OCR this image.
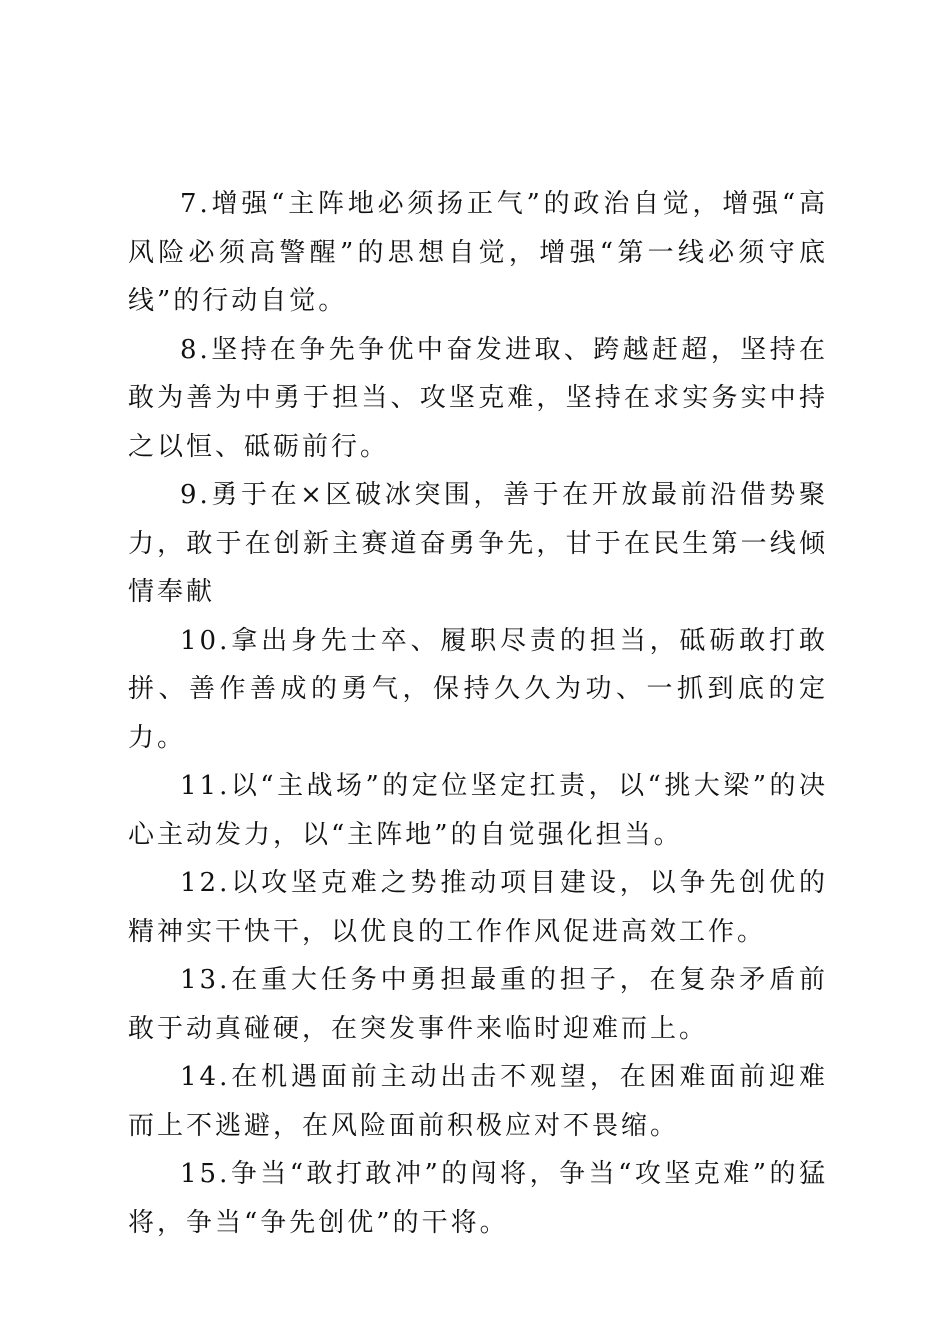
7.增强“主阵地必须扬正气”的政治自觉，增强“高风险必须高警醒”的思想自觉，增强“第一线必须守底线”的行动自觉。

8.坚持在争先争优中奋发进取、跨越赶超，坚持在敢为善为中勇于担当、攻坚克难，坚持在求实务实中持之以恒、砥砺前行。

9.勇于在×区破冰突围，善于在开放最前沿借势聚力，敢于在创新主赛道奋勇争先，甘于在民生第一线倾情奉献

10.拿出身先士卒、履职尽责的担当，砥砺敢打敢拼、善作善成的勇气，保持久久为功、一抓到底的定力。

11.以“主战场”的定位坚定扛责，以“挑大梁”的决心主动发力，以“主阵地”的自觉强化担当。

12.以攻坚克难之势推动项目建设，以争先创优的精神实干快干，以优良的工作作风促进高效工作。

13.在重大任务中勇担最重的担子，在复杂矛盾前敢于动真碰硬，在突发事件来临时迎难而上。

14.在机遇面前主动出击不观望，在困难面前迎难而上不逃避，在风险面前积极应对不畏缩。

15.争当“敢打敢冲”的闯将，争当“攻坚克难”的猛将，争当“争先创优”的干将。
